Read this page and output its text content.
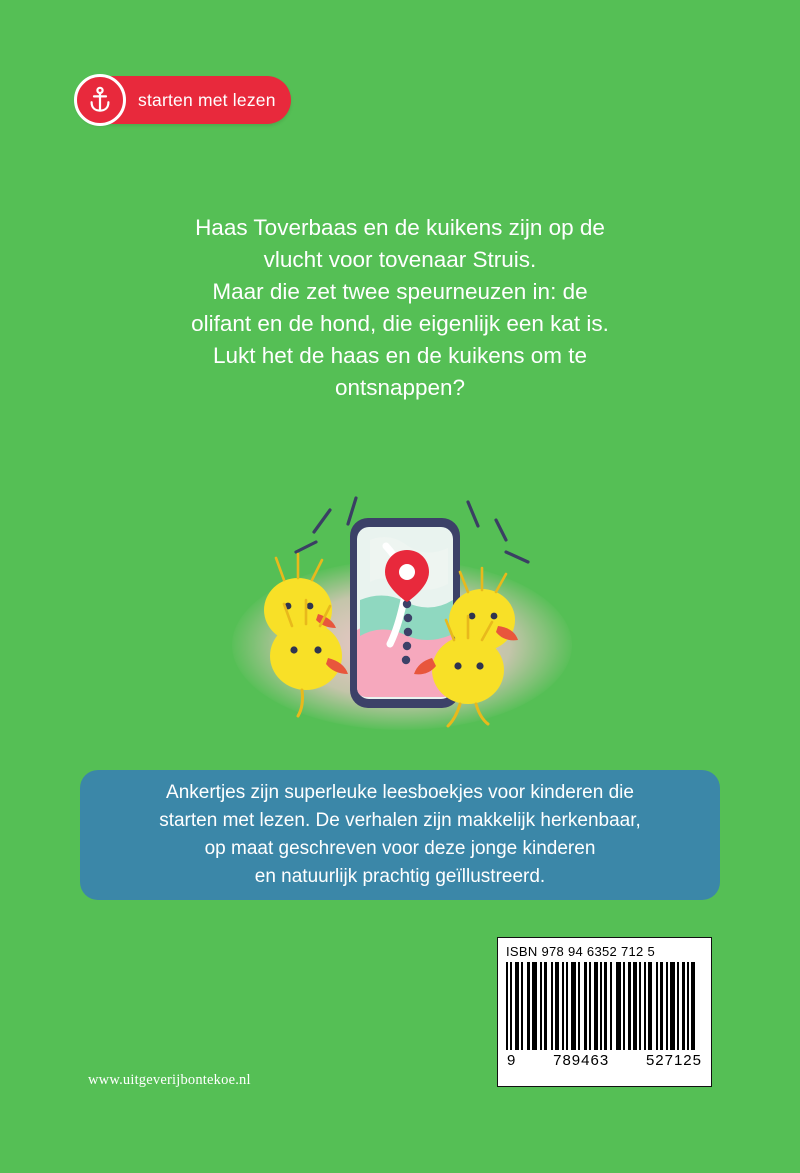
starten met lezen

Haas Toverbaas en de kuikens zijn op de

vlucht voor tovenaar Struis.

Maar die zet twee speurneuzen in: de

olifant en de hond, die eigenlijk een kat is.

Lukt het de haas en de kuikens om te

ontsnappen?

Ankertjes zijn superleuke leesboekjes voor kinderen die

starten met lezen. De verhalen zijn makkelijk herkenbaar,

op maat geschreven voor deze jonge kinderen

en natuurlijk prachtig geïllustreerd.

ISBN 978 94 6352 712 5
9 789463 527125
www.uitgeverijbontekoe.nl
